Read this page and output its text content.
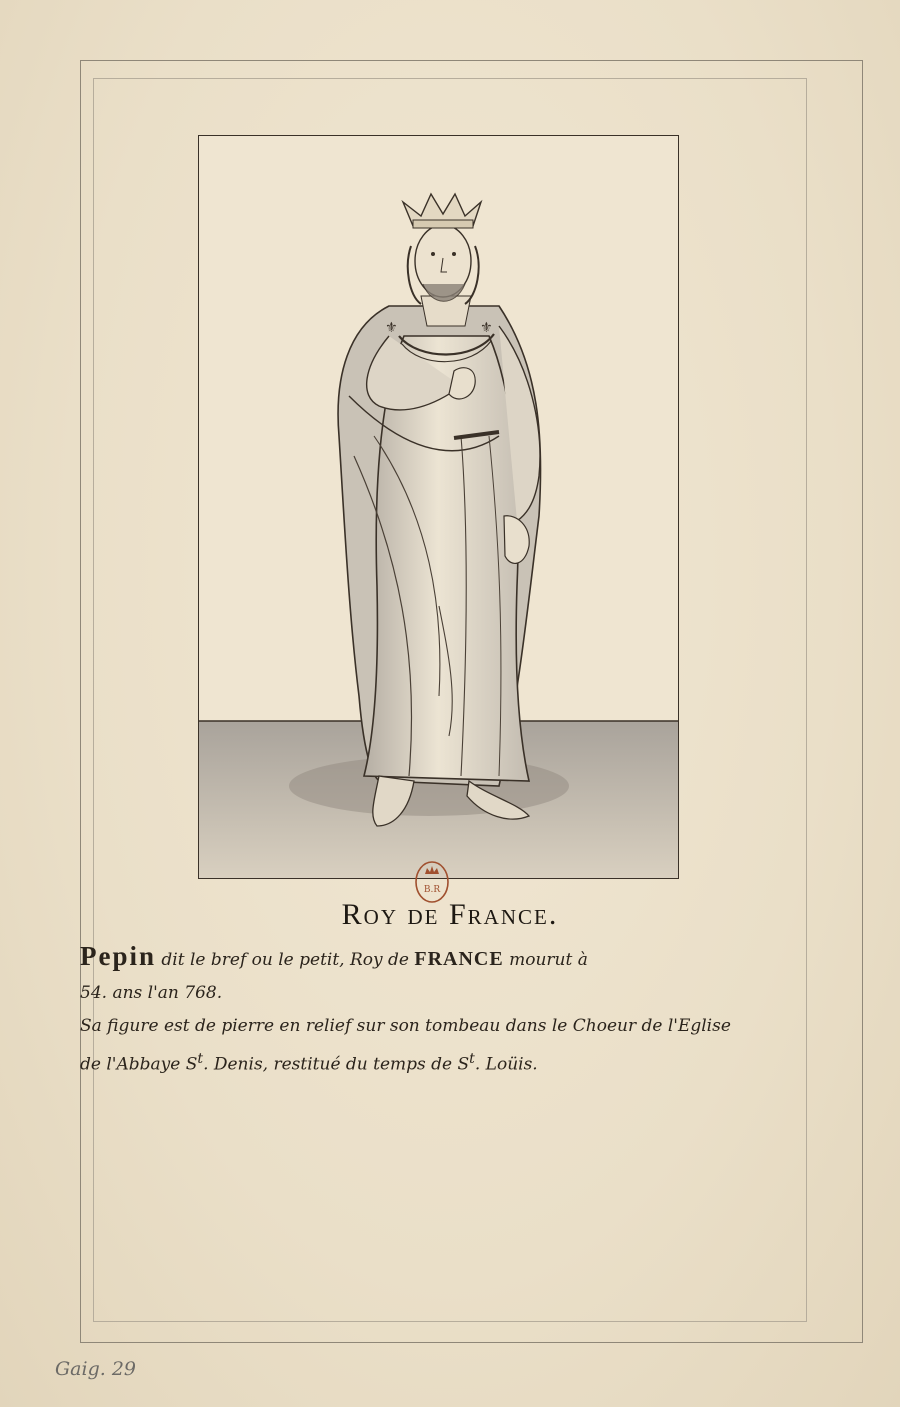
⚜	⚜
B.R
Roy de France.
Pepin dit le bref ou le petit, Roy de FRANCE mourut à
54. ans l'an 768.
Sa figure est de pierre en relief sur son tombeau dans le Choeur de l'Eglise
de l'Abbaye $S^t$. Denis, restitué du temps de $S^t$. Loüis.
Gaig. 29
